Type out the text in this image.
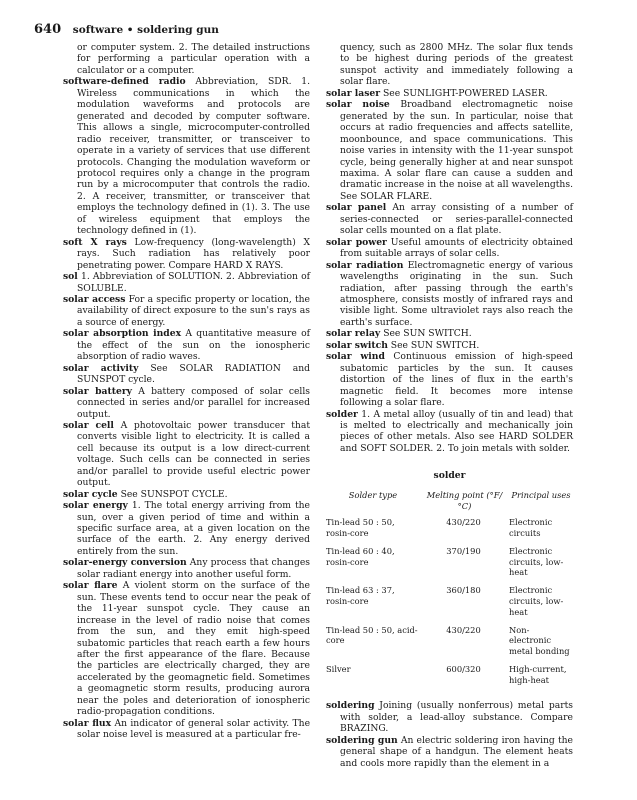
640 software • soldering gun

or computer system. 2. The detailed instructions for performing a particular operation with a calculator or a computer.

software-defined radio Abbreviation, SDR. 1. Wireless communications in which the modulation waveforms and protocols are generated and decoded by computer software. This allows a single, microcomputer-controlled radio receiver, transmitter, or transceiver to operate in a variety of services that use different protocols. Changing the modulation waveform or protocol requires only a change in the program run by a microcomputer that controls the radio. 2. A receiver, transmitter, or transceiver that employs the technology defined in (1). 3. The use of wireless equipment that employs the technology defined in (1).

soft X rays Low-frequency (long-wavelength) X rays. Such radiation has relatively poor penetrating power. Compare HARD X RAYS.

sol 1. Abbreviation of SOLUTION. 2. Abbreviation of SOLUBLE.

solar access For a specific property or location, the availability of direct exposure to the sun's rays as a source of energy.

solar absorption index A quantitative measure of the effect of the sun on the ionospheric absorption of radio waves.

solar activity See SOLAR RADIATION and SUNSPOT cycle.

solar battery A battery composed of solar cells connected in series and/or parallel for increased output.

solar cell A photovoltaic power transducer that converts visible light to electricity. It is called a cell because its output is a low direct-current voltage. Such cells can be connected in series and/or parallel to provide useful electric power output.

solar cycle See SUNSPOT CYCLE.

solar energy 1. The total energy arriving from the sun, over a given period of time and within a specific surface area, at a given location on the surface of the earth. 2. Any energy derived entirely from the sun.

solar-energy conversion Any process that changes solar radiant energy into another useful form.

solar flare A violent storm on the surface of the sun. These events tend to occur near the peak of the 11-year sunspot cycle. They cause an increase in the level of radio noise that comes from the sun, and they emit high-speed subatomic particles that reach earth a few hours after the first appearance of the flare. Because the particles are electrically charged, they are accelerated by the geomagnetic field. Sometimes a geomagnetic storm results, producing aurora near the poles and deterioration of ionospheric radio-propagation conditions.

solar flux An indicator of general solar activity. The solar noise level is measured at a particular fre-

quency, such as 2800 MHz. The solar flux tends to be highest during periods of the greatest sunspot activity and immediately following a solar flare.

solar laser See SUNLIGHT-POWERED LASER.

solar noise Broadband electromagnetic noise generated by the sun. In particular, noise that occurs at radio frequencies and affects satellite, moonbounce, and space communications. This noise varies in intensity with the 11-year sunspot cycle, being generally higher at and near sunspot maxima. A solar flare can cause a sudden and dramatic increase in the noise at all wavelengths. See SOLAR FLARE.

solar panel An array consisting of a number of series-connected or series-parallel-connected solar cells mounted on a flat plate.

solar power Useful amounts of electricity obtained from suitable arrays of solar cells.

solar radiation Electromagnetic energy of various wavelengths originating in the sun. Such radiation, after passing through the earth's atmosphere, consists mostly of infrared rays and visible light. Some ultraviolet rays also reach the earth's surface.

solar relay See SUN SWITCH.

solar switch See SUN SWITCH.

solar wind Continuous emission of high-speed subatomic particles by the sun. It causes distortion of the lines of flux in the earth's magnetic field. It becomes more intense following a solar flare.

solder 1. A metal alloy (usually of tin and lead) that is melted to electrically and mechanically join pieces of other metals. Also see HARD SOLDER and SOFT SOLDER. 2. To join metals with solder.

solder
Solder type	Melting point (°F/°C)	Principal uses
Tin-lead 50 : 50, rosin-core	430/220	Electronic circuits
Tin-lead 60 : 40, rosin-core	370/190	Electronic circuits, low-heat
Tin-lead 63 : 37, rosin-core	360/180	Electronic circuits, low-heat
Tin-lead 50 : 50, acid-core	430/220	Non-electronic metal bonding
Silver	600/320	High-current, high-heat

soldering Joining (usually nonferrous) metal parts with solder, a lead-alloy substance. Compare BRAZING.

soldering gun An electric soldering iron having the general shape of a handgun. The element heats and cools more rapidly than the element in a
